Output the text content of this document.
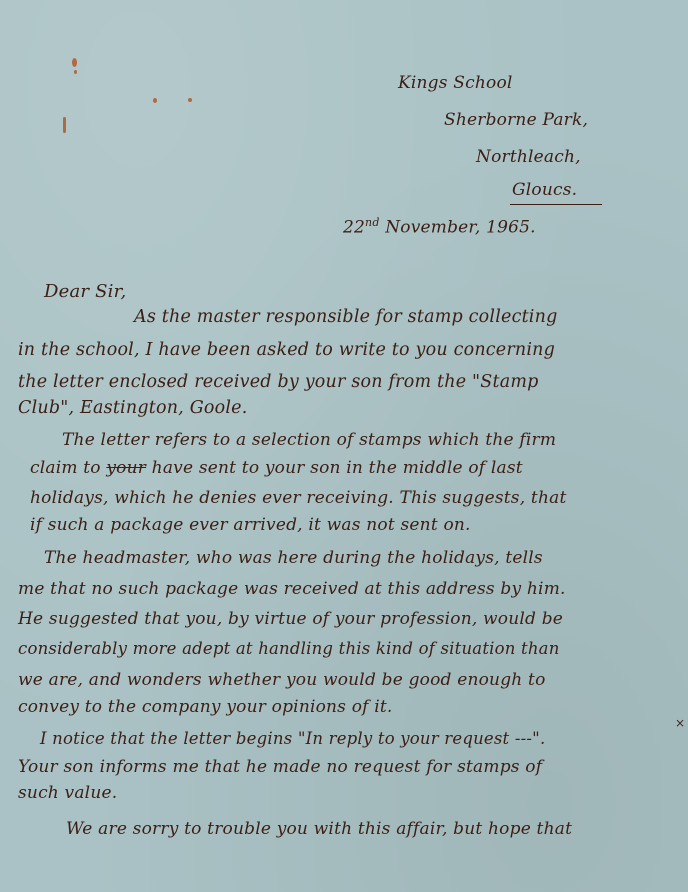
Kings School
Sherborne Park,
Northleach,
Gloucs.
22nd November, 1965.
Dear Sir,
As the master responsible for stamp collecting
in the school, I have been asked to write to you concerning
the letter enclosed received by your son from the "Stamp
Club", Eastington, Goole.
The letter refers to a selection of stamps which the firm
claim to your have sent to your son in the middle of last
holidays, which he denies ever receiving. This suggests, that
if such a package ever arrived, it was not sent on.
The headmaster, who was here during the holidays, tells
me that no such package was received at this address by him.
He suggested that you, by virtue of your profession, would be
considerably more adept at handling this kind of situation than
we are, and wonders whether you would be good enough to
convey to the company your opinions of it.
I notice that the letter begins "In reply to your request ---".
×
Your son informs me that he made no request for stamps of
such value.
We are sorry to trouble you with this affair, but hope that
